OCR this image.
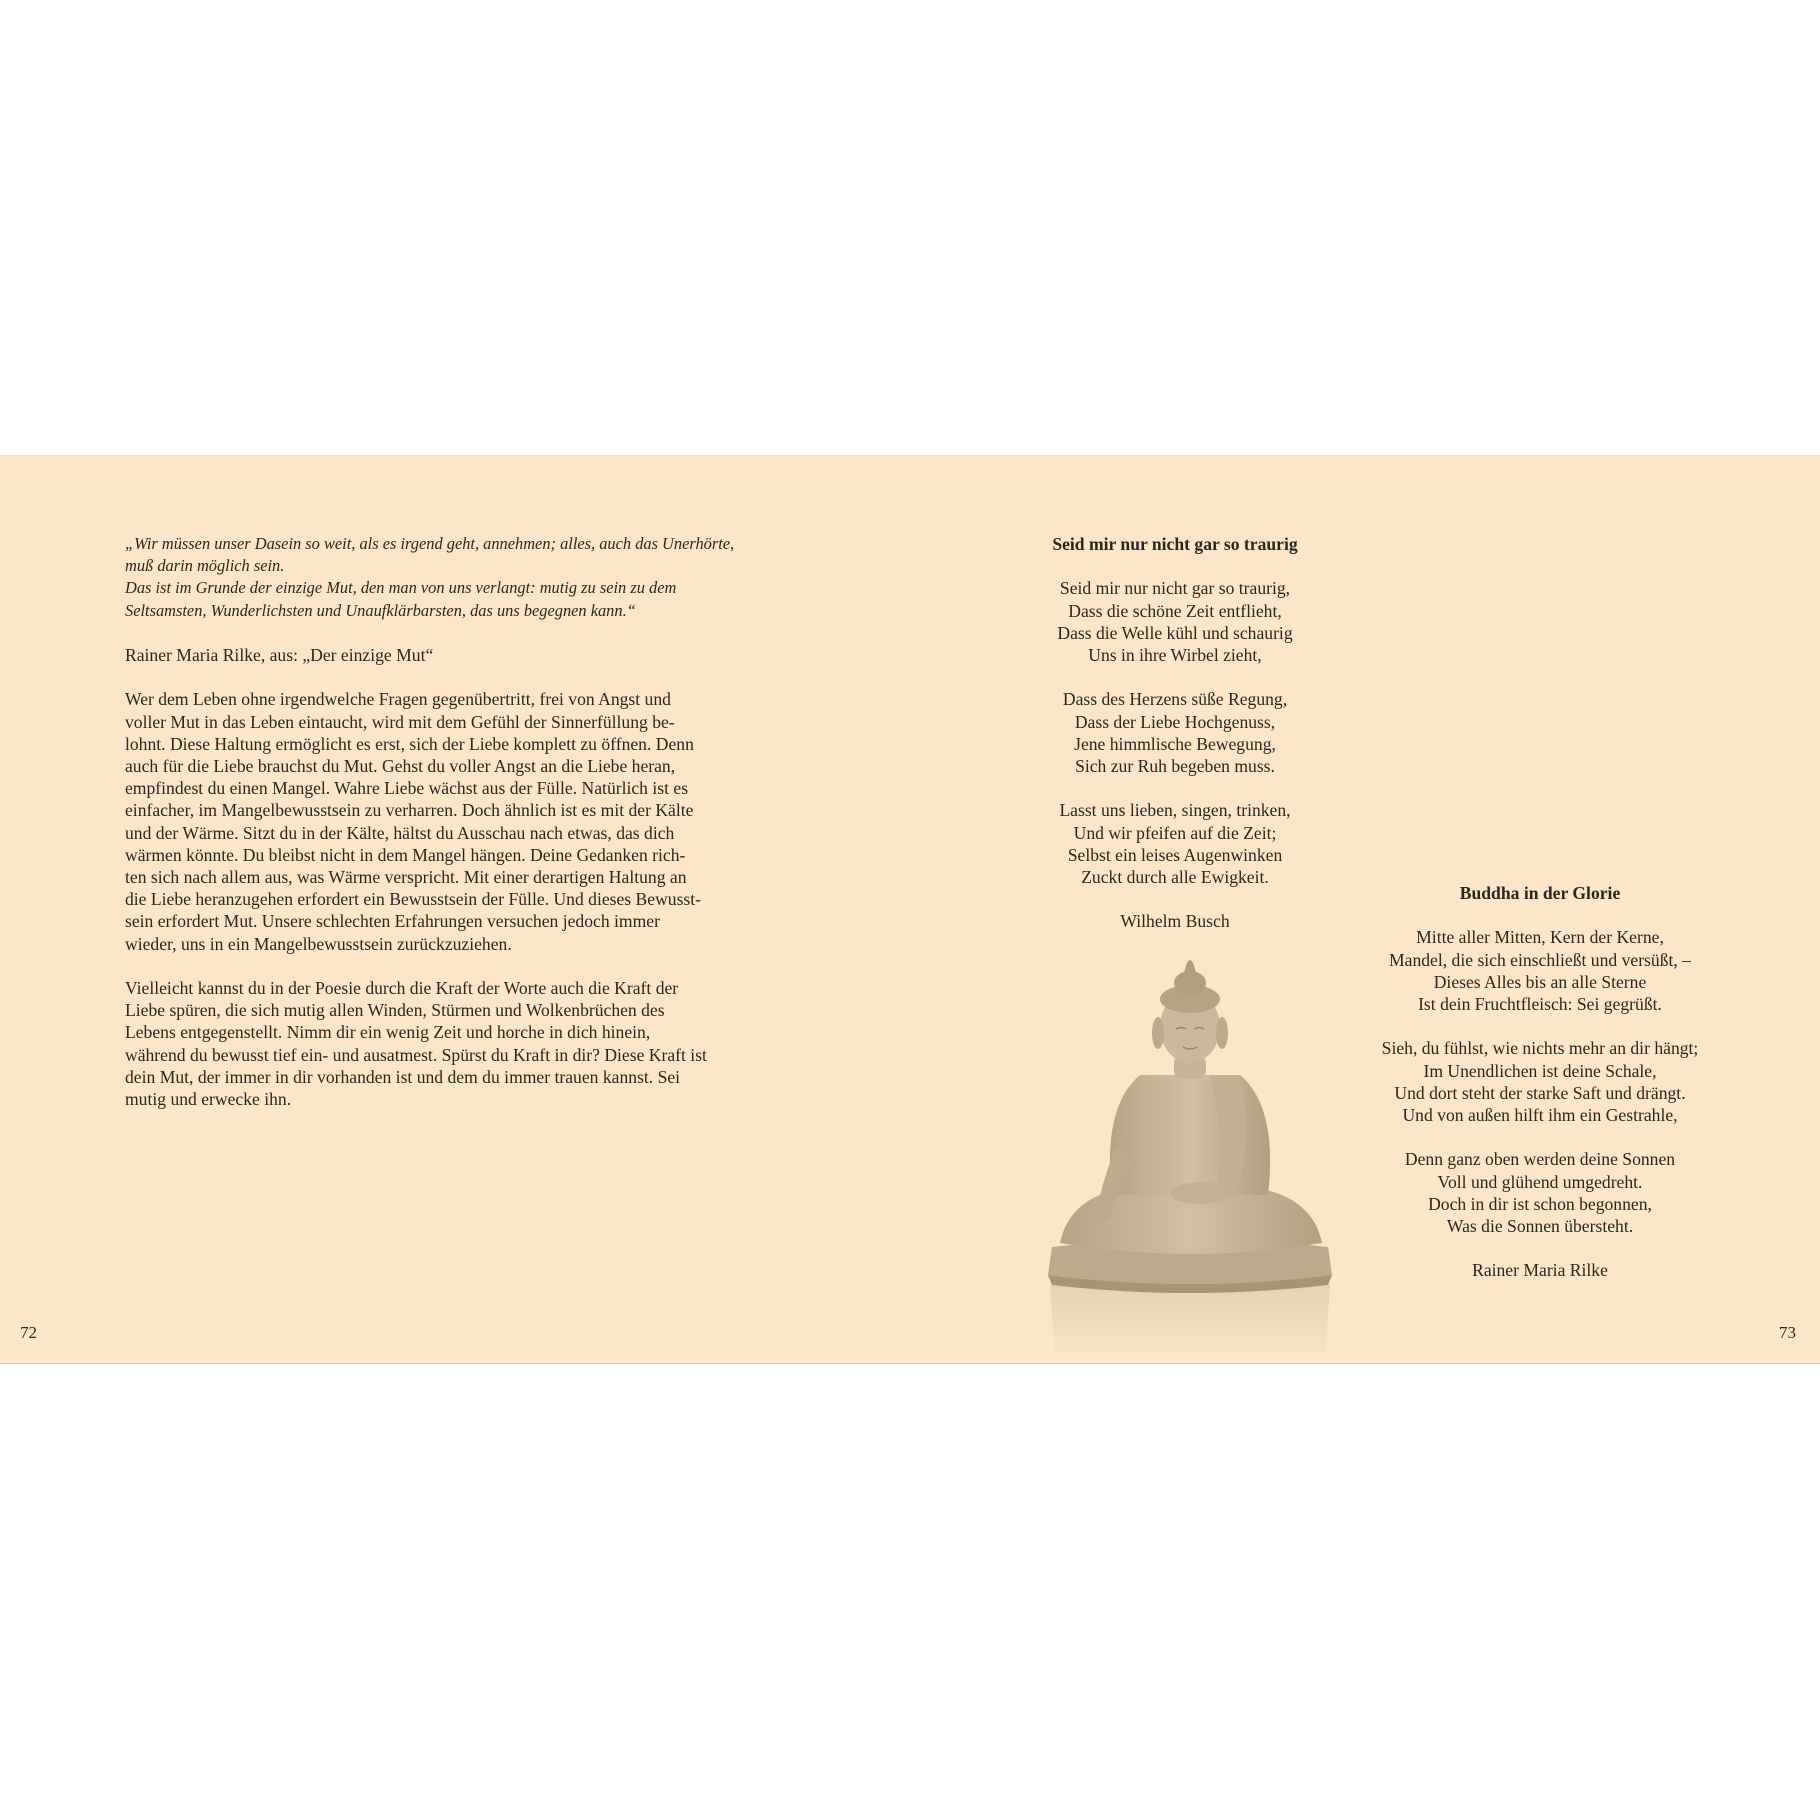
„Wir müssen unser Dasein so weit, als es irgend geht, annehmen; alles, auch das Unerhörte,
muß darin möglich sein.
Das ist im Grunde der einzige Mut, den man von uns verlangt: mutig zu sein zu dem
Seltsamsten, Wunderlichsten und Unaufklärbarsten, das uns begegnen kann.“

Rainer Maria Rilke, aus: „Der einzige Mut“

Wer dem Leben ohne irgendwelche Fragen gegenübertritt, frei von Angst und
voller Mut in das Leben eintaucht, wird mit dem Gefühl der Sinnerfüllung be-
lohnt. Diese Haltung ermöglicht es erst, sich der Liebe komplett zu öffnen. Denn
auch für die Liebe brauchst du Mut. Gehst du voller Angst an die Liebe heran,
empfindest du einen Mangel. Wahre Liebe wächst aus der Fülle. Natürlich ist es
einfacher, im Mangelbewusstsein zu verharren. Doch ähnlich ist es mit der Kälte
und der Wärme. Sitzt du in der Kälte, hältst du Ausschau nach etwas, das dich
wärmen könnte. Du bleibst nicht in dem Mangel hängen. Deine Gedanken rich-
ten sich nach allem aus, was Wärme verspricht. Mit einer derartigen Haltung an
die Liebe heranzugehen erfordert ein Bewusstsein der Fülle. Und dieses Bewusst-
sein erfordert Mut. Unsere schlechten Erfahrungen versuchen jedoch immer
wieder, uns in ein Mangelbewusstsein zurückzuziehen.

Vielleicht kannst du in der Poesie durch die Kraft der Worte auch die Kraft der
Liebe spüren, die sich mutig allen Winden, Stürmen und Wolkenbrüchen des
Lebens entgegenstellt. Nimm dir ein wenig Zeit und horche in dich hinein,
während du bewusst tief ein- und ausatmest. Spürst du Kraft in dir? Diese Kraft ist
dein Mut, der immer in dir vorhanden ist und dem du immer trauen kannst. Sei
mutig und erwecke ihn.

Seid mir nur nicht gar so traurig

Seid mir nur nicht gar so traurig,
Dass die schöne Zeit entflieht,
Dass die Welle kühl und schaurig
Uns in ihre Wirbel zieht,
Dass des Herzens süße Regung,
Dass der Liebe Hochgenuss,
Jene himmlische Bewegung,
Sich zur Ruh begeben muss.
Lasst uns lieben, singen, trinken,
Und wir pfeifen auf die Zeit;
Selbst ein leises Augenwinken
Zuckt durch alle Ewigkeit.

Wilhelm Busch

Buddha in der Glorie

Mitte aller Mitten, Kern der Kerne,
Mandel, die sich einschließt und versüßt, –
Dieses Alles bis an alle Sterne
Ist dein Fruchtfleisch: Sei gegrüßt.
Sieh, du fühlst, wie nichts mehr an dir hängt;
Im Unendlichen ist deine Schale,
Und dort steht der starke Saft und drängt.
Und von außen hilft ihm ein Gestrahle,
Denn ganz oben werden deine Sonnen
Voll und glühend umgedreht.
Doch in dir ist schon begonnen,
Was die Sonnen übersteht.

Rainer Maria Rilke

72	73
